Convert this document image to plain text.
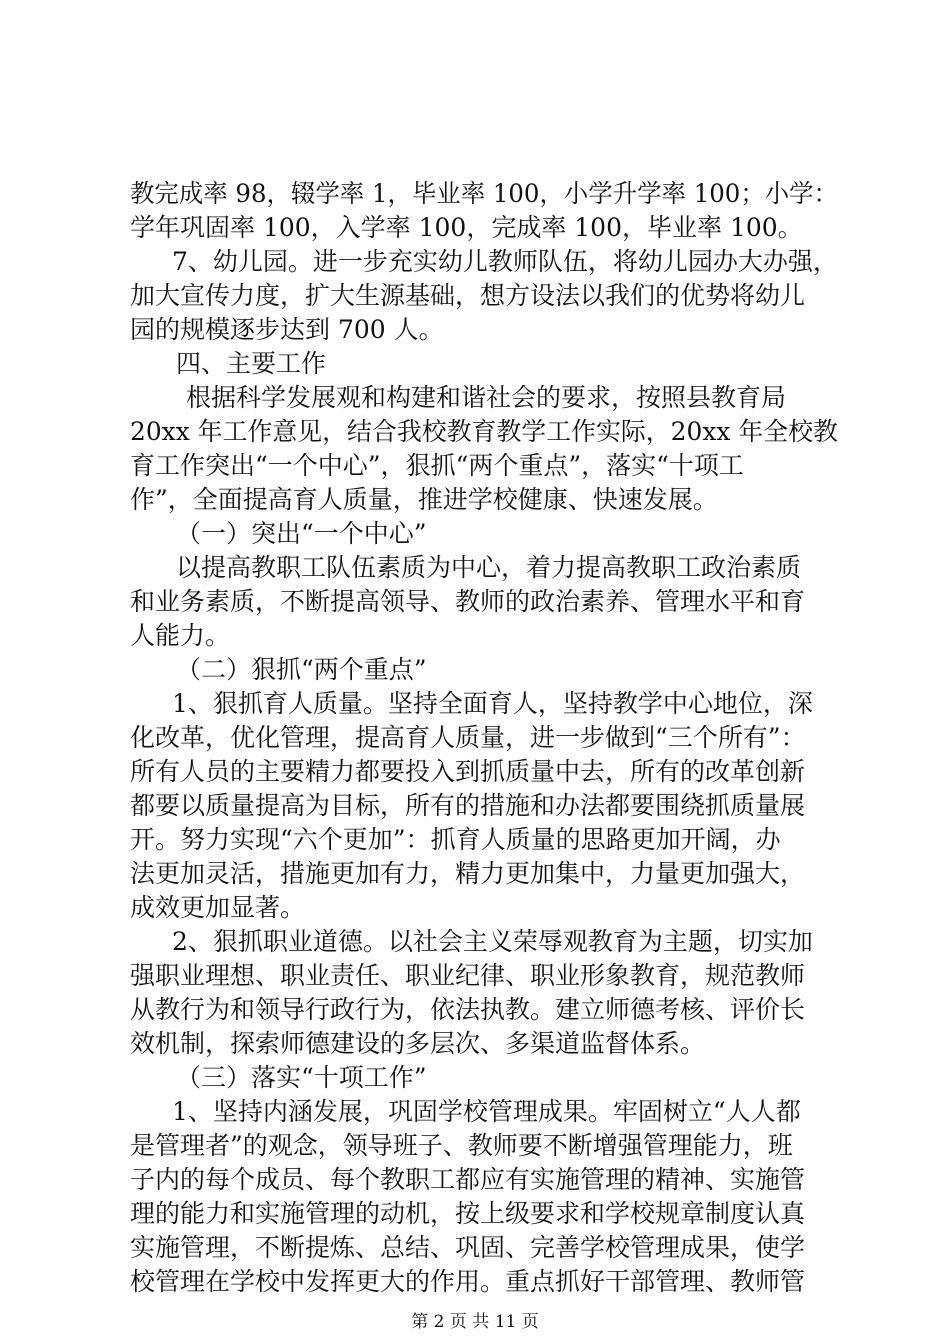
教完成率 98，辍学率 1，毕业率 100，小学升学率 100；小学：
学年巩固率 100，入学率 100，完成率 100，毕业率 100。
7、幼儿园。进一步充实幼儿教师队伍，将幼儿园办大办强，
加大宣传力度，扩大生源基础，想方设法以我们的优势将幼儿
园的规模逐步达到 700 人。
四、主要工作
根据科学发展观和构建和谐社会的要求，按照县教育局
20xx 年工作意见，结合我校教育教学工作实际，20xx 年全校教
育工作突出“一个中心”，狠抓“两个重点”，落实“十项工
作”，全面提高育人质量，推进学校健康、快速发展。
（一）突出“一个中心”
以提高教职工队伍素质为中心，着力提高教职工政治素质
和业务素质，不断提高领导、教师的政治素养、管理水平和育
人能力。
（二）狠抓“两个重点”
1、狠抓育人质量。坚持全面育人，坚持教学中心地位，深
化改革，优化管理，提高育人质量，进一步做到“三个所有”：
所有人员的主要精力都要投入到抓质量中去，所有的改革创新
都要以质量提高为目标，所有的措施和办法都要围绕抓质量展
开。努力实现“六个更加”：抓育人质量的思路更加开阔，办
法更加灵活，措施更加有力，精力更加集中，力量更加强大，
成效更加显著。
2、狠抓职业道德。以社会主义荣辱观教育为主题，切实加
强职业理想、职业责任、职业纪律、职业形象教育，规范教师
从教行为和领导行政行为，依法执教。建立师德考核、评价长
效机制，探索师德建设的多层次、多渠道监督体系。
（三）落实“十项工作”
1、坚持内涵发展，巩固学校管理成果。牢固树立“人人都
是管理者”的观念，领导班子、教师要不断增强管理能力，班
子内的每个成员、每个教职工都应有实施管理的精神、实施管
理的能力和实施管理的动机，按上级要求和学校规章制度认真
实施管理，不断提炼、总结、巩固、完善学校管理成果，使学
校管理在学校中发挥更大的作用。重点抓好干部管理、教师管
第 2 页 共 11 页
